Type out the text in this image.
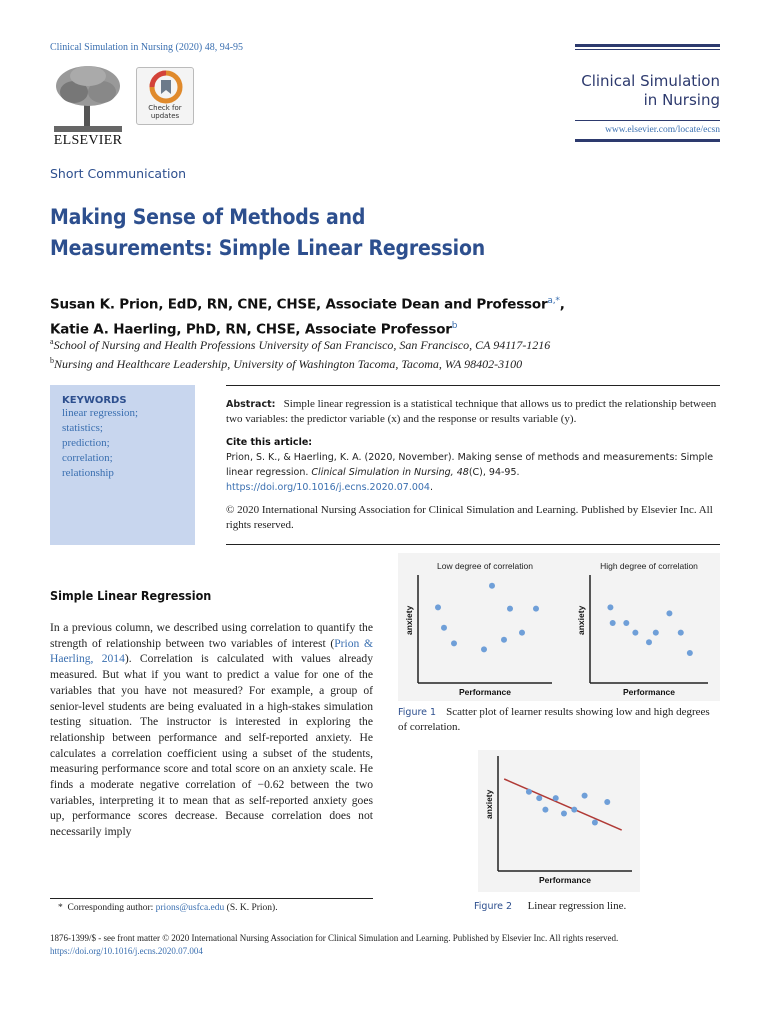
Clinical Simulation in Nursing (2020) 48, 94-95
ELSEVIER
Check for
updates
Clinical Simulation
in Nursing
www.elsevier.com/locate/ecsn
Short Communication
Making Sense of Methods and
Measurements: Simple Linear Regression
Susan K. Prion, EdD, RN, CNE, CHSE, Associate Dean and Professor$^{a,*}$,
Katie A. Haerling, PhD, RN, CHSE, Associate Professor$^b$
$^a$School of Nursing and Health Professions University of San Francisco, San Francisco, CA 94117-1216
$^b$Nursing and Healthcare Leadership, University of Washington Tacoma, Tacoma, WA 98402-3100
KEYWORDS
linear regression;
statistics;
prediction;
correlation;
relationship
Abstract: Simple linear regression is a statistical technique that allows us to predict the relationship between two variables: the predictor variable (x) and the response or results variable (y).
Cite this article:
Prion, S. K., & Haerling, K. A. (2020, November). Making sense of methods and measurements: Simple linear regression. Clinical Simulation in Nursing, 48(C), 94-95. https://doi.org/10.1016/j.ecns.2020.07.004.
© 2020 International Nursing Association for Clinical Simulation and Learning. Published by Elsevier Inc. All rights reserved.
Simple Linear Regression
In a previous column, we described using correlation to quantify the strength of relationship between two variables of interest (Prion & Haerling, 2014). Correlation is calculated with values already measured. But what if you want to predict a value for one of the variables that you have not measured? For example, a group of senior-level students are being evaluated in a high-stakes simulation testing situation. The instructor is interested in exploring the relationship between performance and self-reported anxiety. He calculates a correlation coefficient using a subset of the students, measuring performance score and total score on an anxiety scale. He finds a moderate negative correlation of −0.62 between the two variables, interpreting it to mean that as self-reported anxiety goes up, performance scores decrease. Because correlation does not necessarily imply
Low degree of correlation
Performance
anxiety
High degree of correlation
Performance
anxiety
Figure 1 Scatter plot of learner results showing low and high degrees of correlation.
Performance
anxiety
Figure 2 Linear regression line.
* Corresponding author: prions@usfca.edu (S. K. Prion).
1876-1399/$ - see front matter © 2020 International Nursing Association for Clinical Simulation and Learning. Published by Elsevier Inc. All rights reserved.
https://doi.org/10.1016/j.ecns.2020.07.004
